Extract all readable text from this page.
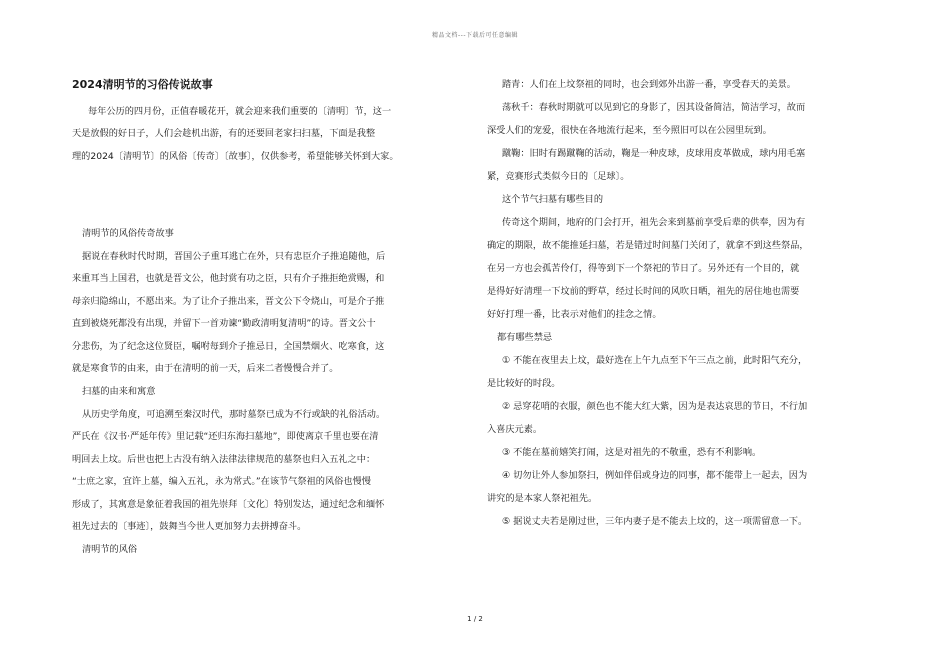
精品文档---下载后可任意编辑
2024清明节的习俗传说故事
每年公历的四月份，正值春暖花开，就会迎来我们重要的〔清明〕节，这一
天是放假的好日子，人们会趁机出游，有的还要回老家扫扫墓，下面是我整
理的2024〔清明节〕的风俗〔传奇〕〔故事〕，仅供参考，希望能够关怀到大家。
清明节的风俗传奇故事
据说在春秋时代时期，晋国公子重耳逃亡在外，只有忠臣介子推追随他，后
来重耳当上国君，也就是晋文公，他封赏有功之臣，只有介子推拒绝赏赐，和
母亲归隐绵山，不愿出来。为了让介子推出来，晋文公下令烧山，可是介子推
直到被烧死都没有出现，并留下一首劝谏“勤政清明复清明”的诗。晋文公十
分悲伤，为了纪念这位贤臣，嘱咐每到介子推忌日，全国禁烟火、吃寒食，这
就是寒食节的由来，由于在清明的前一天，后来二者慢慢合并了。
扫墓的由来和寓意
从历史学角度，可追溯至秦汉时代，那时墓祭已成为不行或缺的礼俗活动。
严氏在《汉书·严延年传》里记载“还归东海扫墓地”，即使离京千里也要在清
明回去上坟。后世也把上古没有纳入法律法律规范的墓祭也归入五礼之中：
“士庶之家，宜许上墓，编入五礼，永为常式。”在该节气祭祖的风俗也慢慢
形成了，其寓意是象征着我国的祖先崇拜〔文化〕特别发达，通过纪念和缅怀
祖先过去的〔事迹〕，鼓舞当今世人更加努力去拼搏奋斗。
清明节的风俗
踏青：人们在上坟祭祖的同时，也会到郊外出游一番，享受春天的美景。
荡秋千：春秋时期就可以见到它的身影了，因其设备简洁，简洁学习，故而
深受人们的宠爱，很快在各地流行起来，至今照旧可以在公园里玩到。
蹴鞠：旧时有踢蹴鞠的活动，鞠是一种皮球，皮球用皮革做成，球内用毛塞
紧，竞赛形式类似今日的〔足球〕。
这个节气扫墓有哪些目的
传奇这个期间，地府的门会打开，祖先会来到墓前享受后辈的供奉，因为有
确定的期限，故不能推延扫墓，若是错过时间墓门关闭了，就拿不到这些祭品，
在另一方也会孤苦伶仃，得等到下一个祭祀的节日了。另外还有一个目的，就
是得好好清理一下坟前的野草，经过长时间的风吹日晒，祖先的居住地也需要
好好打理一番，比表示对他们的挂念之情。
都有哪些禁忌
① 不能在夜里去上坟，最好选在上午九点至下午三点之前，此时阳气充分，
是比较好的时段。
② 忌穿花哨的衣服，颜色也不能大红大紫，因为是表达哀思的节日，不行加
入喜庆元素。
③ 不能在墓前嬉笑打闹，这是对祖先的不敬重，恐有不利影响。
④ 切勿让外人参加祭扫，例如伴侣或身边的同事，都不能带上一起去，因为
讲究的是本家人祭祀祖先。
⑤ 据说丈夫若是刚过世，三年内妻子是不能去上坟的，这一项需留意一下。
1 / 2
